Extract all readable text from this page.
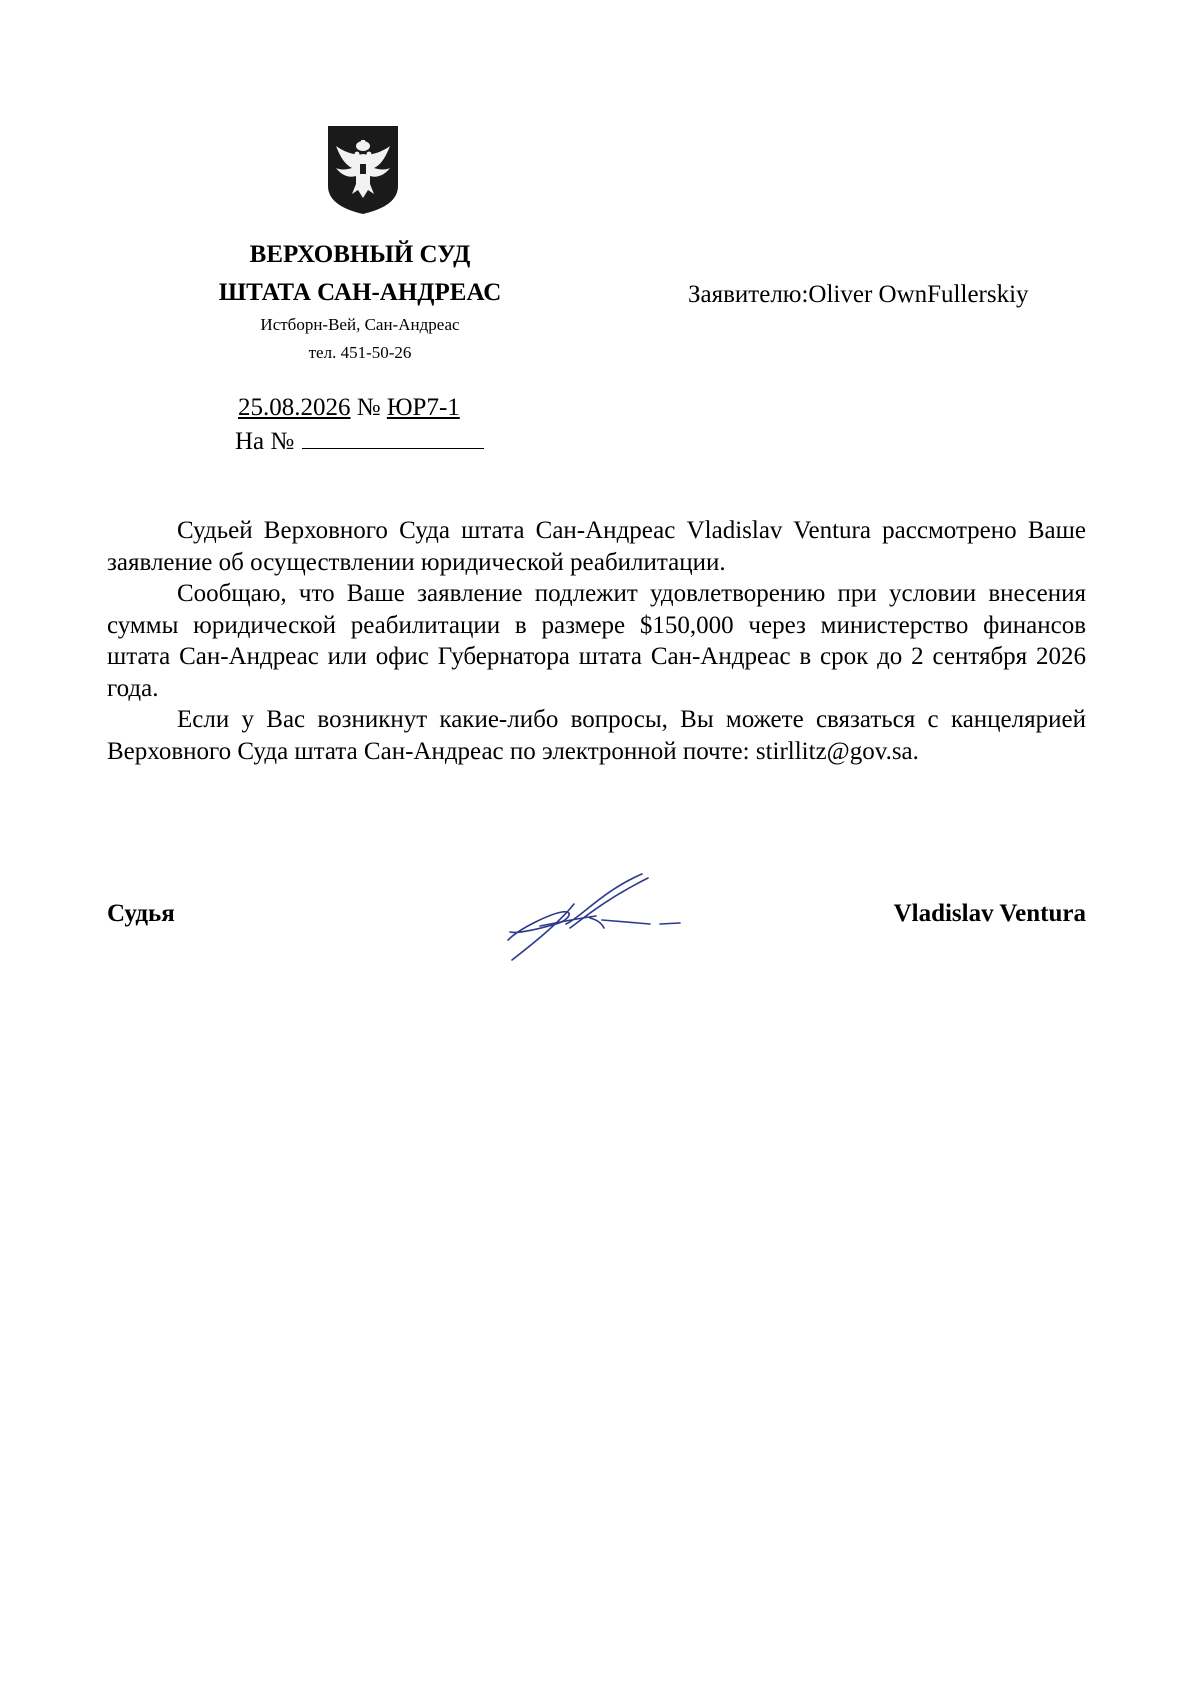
ВЕРХОВНЫЙ СУД
ШТАТА САН-АНДРЕАС
Истборн-Вей, Сан-Андреас
тел. 451-50-26
Заявителю:Oliver OwnFullerskiy
25.08.2026 № ЮР7-1
На №

Судьей Верховного Суда штата Сан-Андреас Vladislav Ventura рассмотрено Ваше заявление об осуществлении юридической реабилитации.

Сообщаю, что Ваше заявление подлежит удовлетворению при условии внесения суммы юридической реабилитации в размере $150,000 через министерство финансов штата Сан-Андреас или офис Губернатора штата Сан-Андреас в срок до 2 сентября 2026 года.

Если у Вас возникнут какие-либо вопросы, Вы можете связаться с канцелярией Верховного Суда штата Сан-Андреас по электронной почте: stirllitz@gov.sa.

Судья	Vladislav Ventura
